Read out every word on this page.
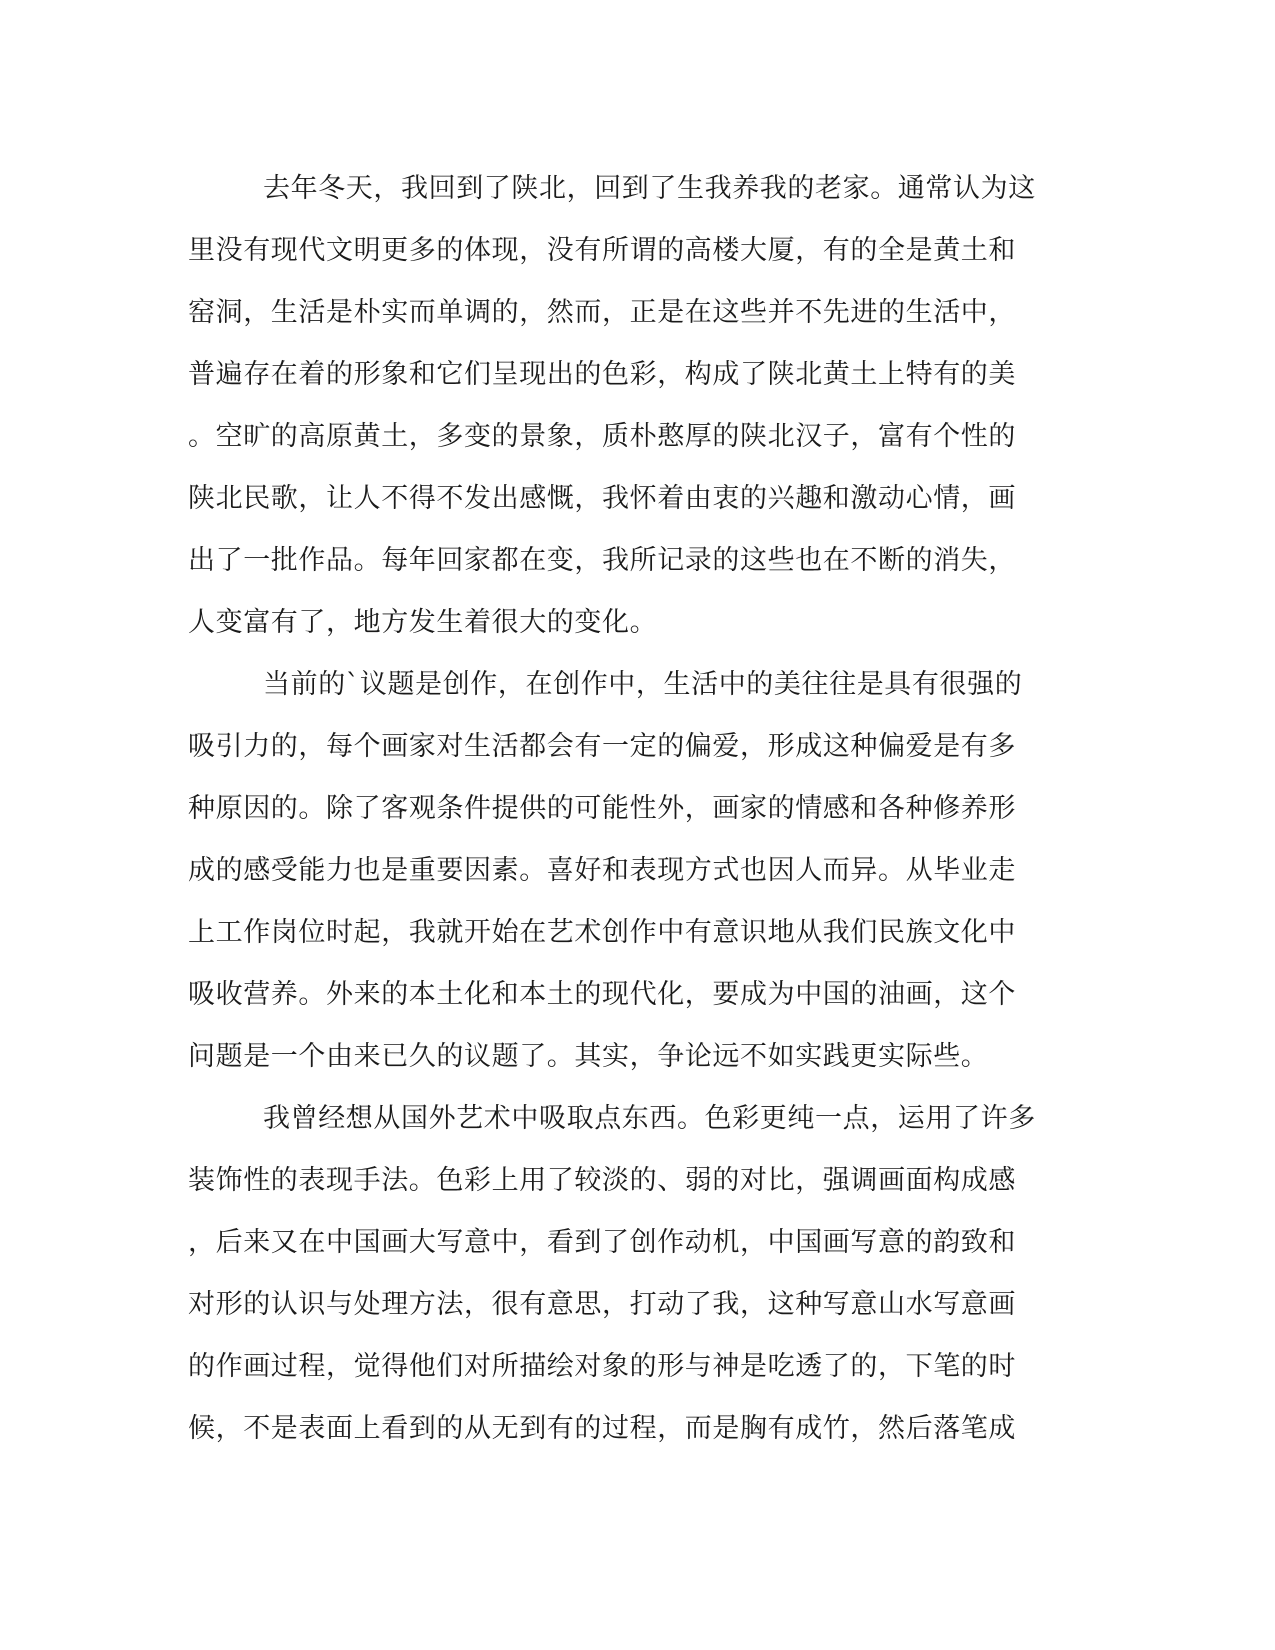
去年冬天，我回到了陕北，回到了生我养我的老家。通常认为这
里没有现代文明更多的体现，没有所谓的高楼大厦，有的全是黄土和
窑洞，生活是朴实而单调的，然而，正是在这些并不先进的生活中，
普遍存在着的形象和它们呈现出的色彩，构成了陕北黄土上特有的美
。空旷的高原黄土，多变的景象，质朴憨厚的陕北汉子，富有个性的
陕北民歌，让人不得不发出感慨，我怀着由衷的兴趣和激动心情，画
出了一批作品。每年回家都在变，我所记录的这些也在不断的消失，
人变富有了，地方发生着很大的变化。
当前的`议题是创作，在创作中，生活中的美往往是具有很强的
吸引力的，每个画家对生活都会有一定的偏爱，形成这种偏爱是有多
种原因的。除了客观条件提供的可能性外，画家的情感和各种修养形
成的感受能力也是重要因素。喜好和表现方式也因人而异。从毕业走
上工作岗位时起，我就开始在艺术创作中有意识地从我们民族文化中
吸收营养。外来的本土化和本土的现代化，要成为中国的油画，这个
问题是一个由来已久的议题了。其实，争论远不如实践更实际些。
我曾经想从国外艺术中吸取点东西。色彩更纯一点，运用了许多
装饰性的表现手法。色彩上用了较淡的、弱的对比，强调画面构成感
，后来又在中国画大写意中，看到了创作动机，中国画写意的韵致和
对形的认识与处理方法，很有意思，打动了我，这种写意山水写意画
的作画过程，觉得他们对所描绘对象的形与神是吃透了的，下笔的时
候，不是表面上看到的从无到有的过程，而是胸有成竹，然后落笔成
